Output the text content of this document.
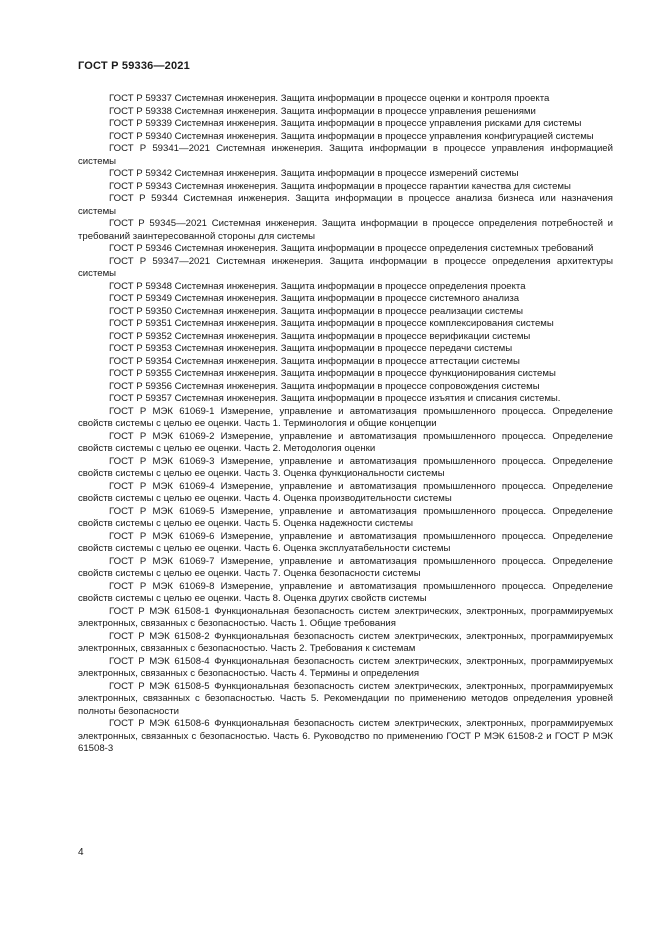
ГОСТ Р 59336—2021

ГОСТ Р 59337 Системная инженерия. Защита информации в процессе оценки и контроля проекта

ГОСТ Р 59338 Системная инженерия. Защита информации в процессе управления решениями

ГОСТ Р 59339 Системная инженерия. Защита информации в процессе управления рисками для системы

ГОСТ Р 59340 Системная инженерия. Защита информации в процессе управления конфигурацией системы

ГОСТ Р 59341—2021 Системная инженерия. Защита информации в процессе управления информацией системы

ГОСТ Р 59342 Системная инженерия. Защита информации в процессе измерений системы

ГОСТ Р 59343 Системная инженерия. Защита информации в процессе гарантии качества для системы

ГОСТ Р 59344 Системная инженерия. Защита информации в процессе анализа бизнеса или назначения системы

ГОСТ Р 59345—2021 Системная инженерия. Защита информации в процессе определения потребностей и требований заинтересованной стороны для системы

ГОСТ Р 59346 Системная инженерия. Защита информации в процессе определения системных требований

ГОСТ Р 59347—2021 Системная инженерия. Защита информации в процессе определения архитектуры системы

ГОСТ Р 59348 Системная инженерия. Защита информации в процессе определения проекта

ГОСТ Р 59349 Системная инженерия. Защита информации в процессе системного анализа

ГОСТ Р 59350 Системная инженерия. Защита информации в процессе реализации системы

ГОСТ Р 59351 Системная инженерия. Защита информации в процессе комплексирования системы

ГОСТ Р 59352 Системная инженерия. Защита информации в процессе верификации системы

ГОСТ Р 59353 Системная инженерия. Защита информации в процессе передачи системы

ГОСТ Р 59354 Системная инженерия. Защита информации в процессе аттестации системы

ГОСТ Р 59355 Системная инженерия. Защита информации в процессе функционирования системы

ГОСТ Р 59356 Системная инженерия. Защита информации в процессе сопровождения системы

ГОСТ Р 59357 Системная инженерия. Защита информации в процессе изъятия и списания системы.

ГОСТ Р МЭК 61069-1 Измерение, управление и автоматизация промышленного процесса. Определение свойств системы с целью ее оценки. Часть 1. Терминология и общие концепции

ГОСТ Р МЭК 61069-2 Измерение, управление и автоматизация промышленного процесса. Определение свойств системы с целью ее оценки. Часть 2. Методология оценки

ГОСТ Р МЭК 61069-3 Измерение, управление и автоматизация промышленного процесса. Определение свойств системы с целью ее оценки. Часть 3. Оценка функциональности системы

ГОСТ Р МЭК 61069-4 Измерение, управление и автоматизация промышленного процесса. Определение свойств системы с целью ее оценки. Часть 4. Оценка производительности системы

ГОСТ Р МЭК 61069-5 Измерение, управление и автоматизация промышленного процесса. Определение свойств системы с целью ее оценки. Часть 5. Оценка надежности системы

ГОСТ Р МЭК 61069-6 Измерение, управление и автоматизация промышленного процесса. Определение свойств системы с целью ее оценки. Часть 6. Оценка эксплуатабельности системы

ГОСТ Р МЭК 61069-7 Измерение, управление и автоматизация промышленного процесса. Определение свойств системы с целью ее оценки. Часть 7. Оценка безопасности системы

ГОСТ Р МЭК 61069-8 Измерение, управление и автоматизация промышленного процесса. Определение свойств системы с целью ее оценки. Часть 8. Оценка других свойств системы

ГОСТ Р МЭК 61508-1 Функциональная безопасность систем электрических, электронных, программируемых электронных, связанных с безопасностью. Часть 1. Общие требования

ГОСТ Р МЭК 61508-2 Функциональная безопасность систем электрических, электронных, программируемых электронных, связанных с безопасностью. Часть 2. Требования к системам

ГОСТ Р МЭК 61508-4 Функциональная безопасность систем электрических, электронных, программируемых электронных, связанных с безопасностью. Часть 4. Термины и определения

ГОСТ Р МЭК 61508-5 Функциональная безопасность систем электрических, электронных, программируемых электронных, связанных с безопасностью. Часть 5. Рекомендации по применению методов определения уровней полноты безопасности

ГОСТ Р МЭК 61508-6 Функциональная безопасность систем электрических, электронных, программируемых электронных, связанных с безопасностью. Часть 6. Руководство по применению ГОСТ Р МЭК 61508-2 и ГОСТ Р МЭК 61508-3

4
